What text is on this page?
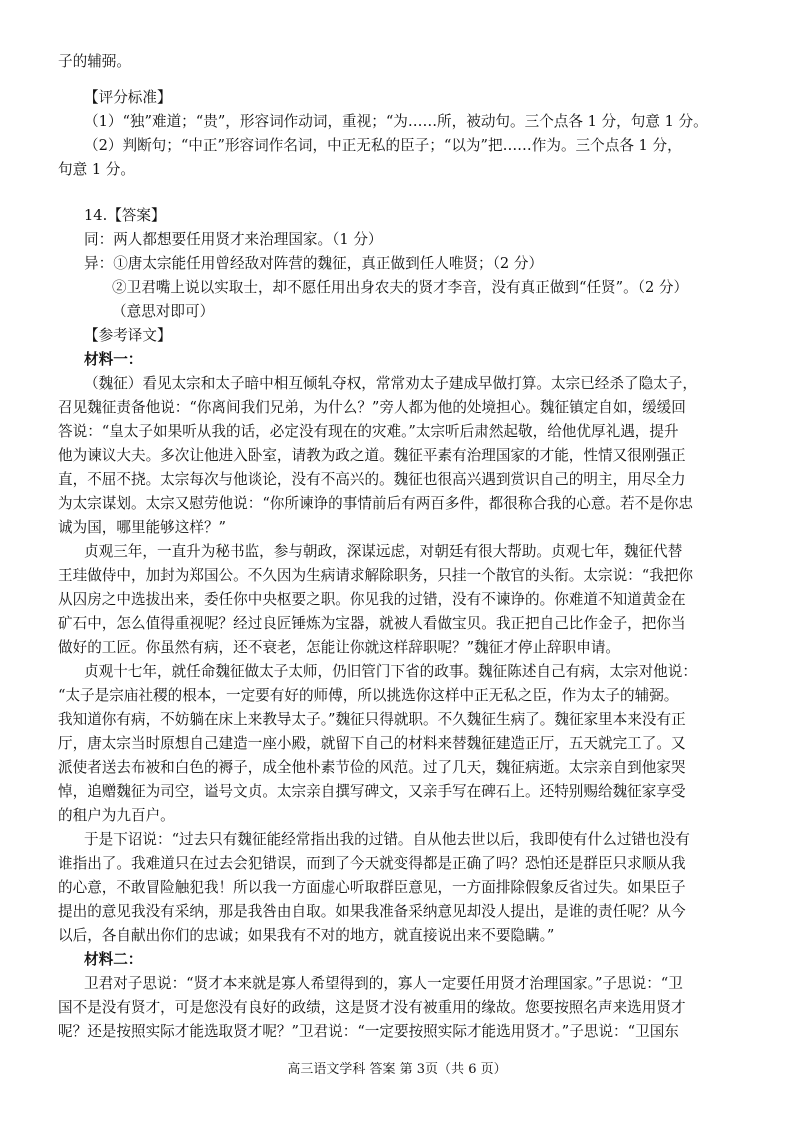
子的辅弼。
【评分标准】
（1）“独”难道；“贵”，形容词作动词，重视；“为……所，被动句。三个点各 1 分，句意 1 分。
（2）判断句；“中正”形容词作名词，中正无私的臣子；“以为”把……作为。三个点各 1 分，
句意 1 分。
14.【答案】
同：两人都想要任用贤才来治理国家。（1 分）
异：①唐太宗能任用曾经敌对阵营的魏征，真正做到任人唯贤；（2 分）
②卫君嘴上说以实取士，却不愿任用出身农夫的贤才李音，没有真正做到“任贤”。（2 分）
（意思对即可）
【参考译文】
材料一：
（魏征）看见太宗和太子暗中相互倾轧夺权，常常劝太子建成早做打算。太宗已经杀了隐太子，
召见魏征责备他说：“你离间我们兄弟，为什么？”旁人都为他的处境担心。魏征镇定自如，缓缓回
答说：“皇太子如果听从我的话，必定没有现在的灾难。”太宗听后肃然起敬，给他优厚礼遇，提升
他为谏议大夫。多次让他进入卧室，请教为政之道。魏征平素有治理国家的才能，性情又很刚强正
直，不屈不挠。太宗每次与他谈论，没有不高兴的。魏征也很高兴遇到赏识自己的明主，用尽全力
为太宗谋划。太宗又慰劳他说：“你所谏诤的事情前后有两百多件，都很称合我的心意。若不是你忠
诚为国，哪里能够这样？”
贞观三年，一直升为秘书监，参与朝政，深谋远虑，对朝廷有很大帮助。贞观七年，魏征代替
王珪做侍中，加封为郑国公。不久因为生病请求解除职务，只挂一个散官的头衔。太宗说：“我把你
从囚房之中选拔出来，委任你中央枢要之职。你见我的过错，没有不谏诤的。你难道不知道黄金在
矿石中，怎么值得重视呢？经过良匠锤炼为宝器，就被人看做宝贝。我正把自己比作金子，把你当
做好的工匠。你虽然有病，还不衰老，怎能让你就这样辞职呢？”魏征才停止辞职申请。
贞观十七年，就任命魏征做太子太师，仍旧管门下省的政事。魏征陈述自己有病，太宗对他说：
“太子是宗庙社稷的根本，一定要有好的师傅，所以挑选你这样中正无私之臣，作为太子的辅弼。
我知道你有病，不妨躺在床上来教导太子。”魏征只得就职。不久魏征生病了。魏征家里本来没有正
厅，唐太宗当时原想自己建造一座小殿，就留下自己的材料来替魏征建造正厅，五天就完工了。又
派使者送去布被和白色的褥子，成全他朴素节俭的风范。过了几天，魏征病逝。太宗亲自到他家哭
悼，追赠魏征为司空，谥号文贞。太宗亲自撰写碑文，又亲手写在碑石上。还特别赐给魏征家享受
的租户为九百户。
于是下诏说：“过去只有魏征能经常指出我的过错。自从他去世以后，我即使有什么过错也没有
谁指出了。我难道只在过去会犯错误，而到了今天就变得都是正确了吗？恐怕还是群臣只求顺从我
的心意，不敢冒险触犯我！所以我一方面虚心听取群臣意见，一方面排除假象反省过失。如果臣子
提出的意见我没有采纳，那是我咎由自取。如果我准备采纳意见却没人提出，是谁的责任呢？从今
以后，各自献出你们的忠诚；如果我有不对的地方，就直接说出来不要隐瞒。”
材料二：
卫君对子思说：“贤才本来就是寡人希望得到的，寡人一定要任用贤才治理国家。”子思说：“卫
国不是没有贤才，可是您没有良好的政绩，这是贤才没有被重用的缘故。您要按照名声来选用贤才
呢？还是按照实际才能选取贤才呢？”卫君说：“一定要按照实际才能选用贤才。”子思说：“卫国东
高三语文学科 答案 第 3页（共 6 页）
